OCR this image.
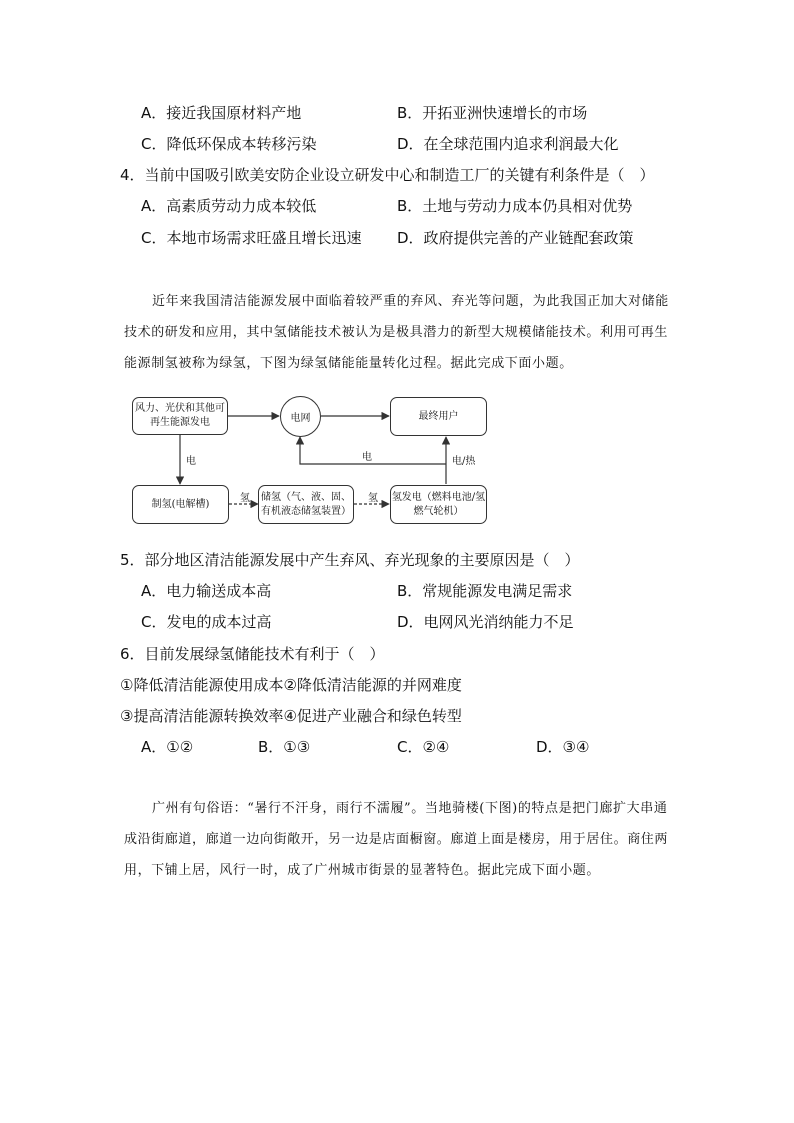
A．接近我国原材料产地	B．开拓亚洲快速增长的市场
C．降低环保成本转移污染	D．在全球范围内追求利润最大化
4．当前中国吸引欧美安防企业设立研发中心和制造工厂的关键有利条件是（　）
A．高素质劳动力成本较低	B．土地与劳动力成本仍具相对优势
C．本地市场需求旺盛且增长迅速 D．政府提供完善的产业链配套政策

近年来我国清洁能源发展中面临着较严重的弃风、弃光等问题，为此我国正加大对储能技术的研发和应用，其中氢储能技术被认为是极具潜力的新型大规模储能技术。利用可再生能源制氢被称为绿氢，下图为绿氢储能能量转化过程。据此完成下面小题。

风力、光伏和其他可再生能源发电	电网	最终用户
制氢(电解槽)
储氢（气、液、固、有机液态储氢装置）
氢发电（燃料电池/氢燃气轮机）
电	电	电/热
氢	氢
5．部分地区清洁能源发展中产生弃风、弃光现象的主要原因是（　）
A．电力输送成本高	B．常规能源发电满足需求
C．发电的成本过高	D．电网风光消纳能力不足
6．目前发展绿氢储能技术有利于（　）
①降低清洁能源使用成本②降低清洁能源的并网难度
③提高清洁能源转换效率④促进产业融合和绿色转型
A．①②	B．①③	C．②④	D．③④

广州有句俗语：“暑行不汗身，雨行不濡履”。当地骑楼(下图)的特点是把门廊扩大串通成沿街廊道，廊道一边向街敞开，另一边是店面橱窗。廊道上面是楼房，用于居住。商住两用，下铺上居，风行一时，成了广州城市街景的显著特色。据此完成下面小题。
